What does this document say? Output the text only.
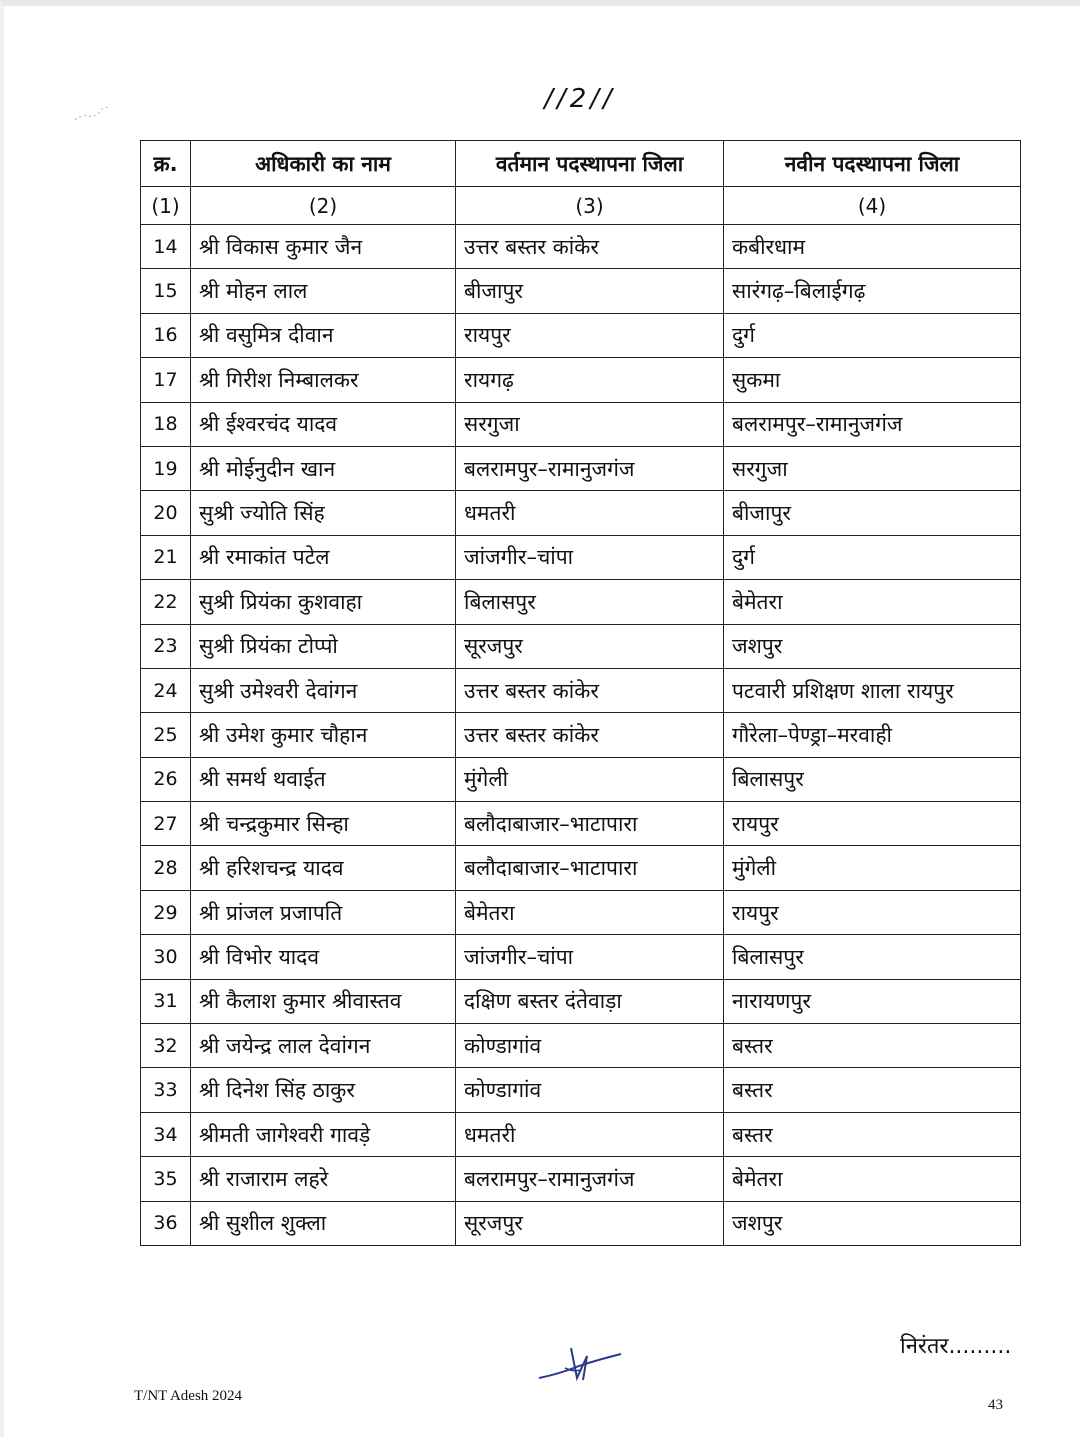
//2//
क्र.	अधिकारी का नाम	वर्तमान पदस्थापना जिला	नवीन पदस्थापना जिला
(1)	(2)	(3)	(4)
14	श्री विकास कुमार जैन	उत्तर बस्तर कांकेर	कबीरधाम
15	श्री मोहन लाल	बीजापुर	सारंगढ़–बिलाईगढ़
16	श्री वसुमित्र दीवान	रायपुर	दुर्ग
17	श्री गिरीश निम्बालकर	रायगढ़	सुकमा
18	श्री ईश्वरचंद यादव	सरगुजा	बलरामपुर–रामानुजगंज
19	श्री मोईनुदीन खान	बलरामपुर–रामानुजगंज	सरगुजा
20	सुश्री ज्योति सिंह	धमतरी	बीजापुर
21	श्री रमाकांत पटेल	जांजगीर–चांपा	दुर्ग
22	सुश्री प्रियंका कुशवाहा	बिलासपुर	बेमेतरा
23	सुश्री प्रियंका टोप्पो	सूरजपुर	जशपुर
24	सुश्री उमेश्वरी देवांगन	उत्तर बस्तर कांकेर	पटवारी प्रशिक्षण शाला रायपुर
25	श्री उमेश कुमार चौहान	उत्तर बस्तर कांकेर	गौरेला–पेण्ड्रा–मरवाही
26	श्री समर्थ थवाईत	मुंगेली	बिलासपुर
27	श्री चन्द्रकुमार सिन्हा	बलौदाबाजार–भाटापारा	रायपुर
28	श्री हरिशचन्द्र यादव	बलौदाबाजार–भाटापारा	मुंगेली
29	श्री प्रांजल प्रजापति	बेमेतरा	रायपुर
30	श्री विभोर यादव	जांजगीर–चांपा	बिलासपुर
31	श्री कैलाश कुमार श्रीवास्तव	दक्षिण बस्तर दंतेवाड़ा	नारायणपुर
32	श्री जयेन्द्र लाल देवांगन	कोण्डागांव	बस्तर
33	श्री दिनेश सिंह ठाकुर	कोण्डागांव	बस्तर
34	श्रीमती जागेश्वरी गावड़े	धमतरी	बस्तर
35	श्री राजाराम लहरे	बलरामपुर–रामानुजगंज	बेमेतरा
36	श्री सुशील शुक्ला	सूरजपुर	जशपुर
निरंतर.........
T/NT Adesh 2024
43
